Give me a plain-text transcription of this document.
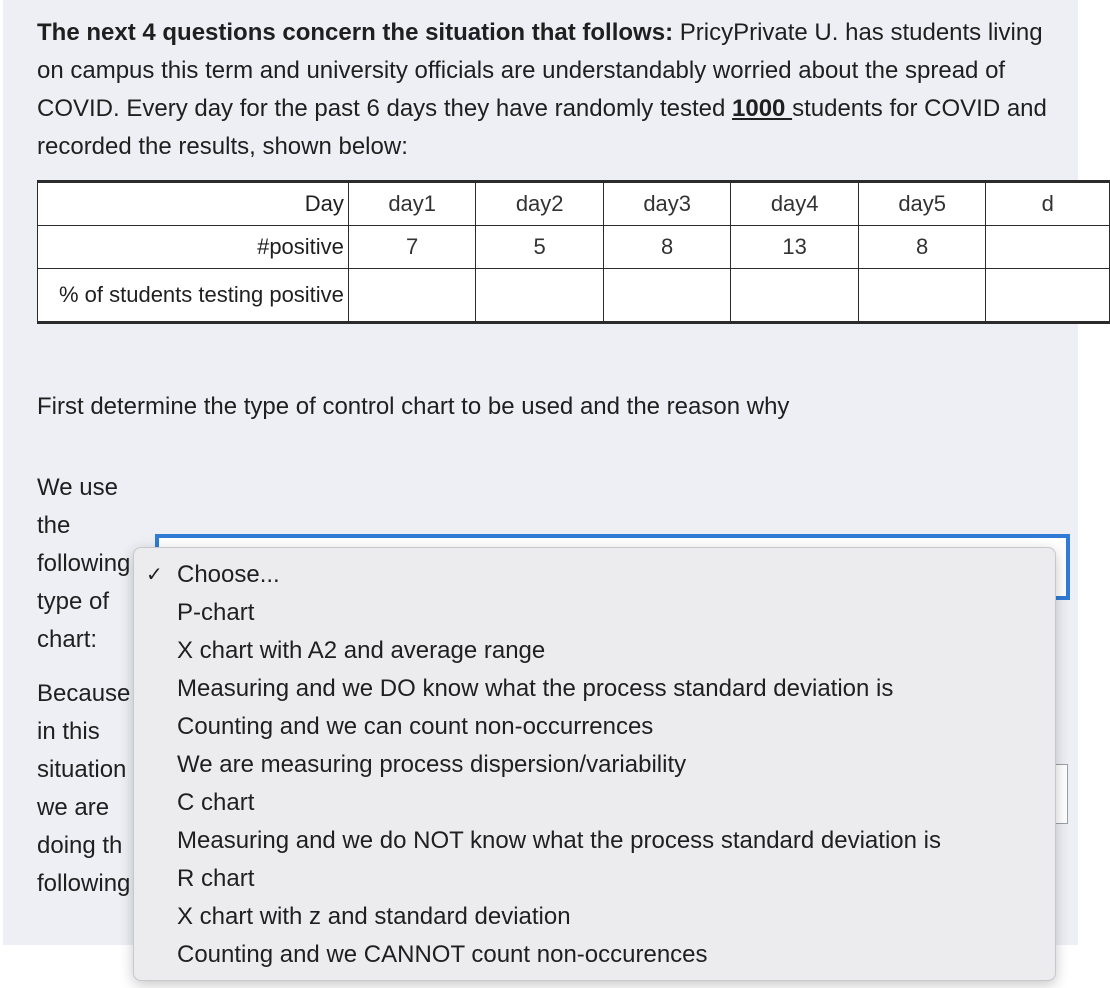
The next 4 questions concern the situation that follows: PricyPrivate U. has students living on campus this term and university officials are understandably worried about the spread of COVID. Every day for the past 6 days they have randomly tested 1000 students for COVID and recorded the results, shown below:

Day	day1	day2	day3	day4	day5	d
#positive	7	5	8	13	8	
% of students testing positive						

First determine the type of control chart to be used and the reason why

We use
the
following
type of
chart:
Because
in this
situation
we are
doing th
following
✓ Choose...
P-chart
X chart with A2 and average range
Measuring and we DO know what the process standard deviation is
Counting and we can count non-occurrences
We are measuring process dispersion/variability
C chart
Measuring and we do NOT know what the process standard deviation is
R chart
X chart with z and standard deviation
Counting and we CANNOT count non-occurences
